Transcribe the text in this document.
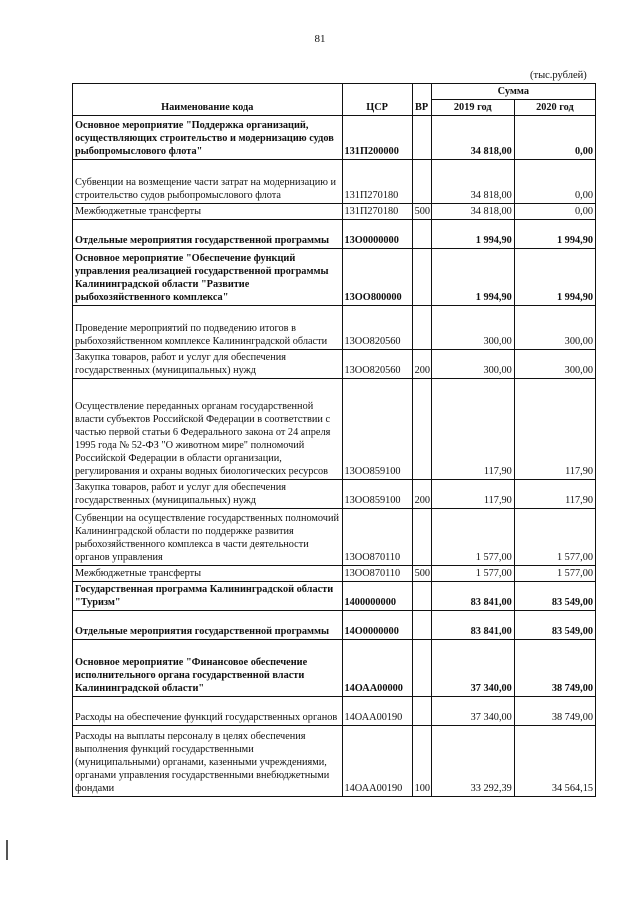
81
(тыс.рублей)
Наименование кода	ЦСР	ВР	Сумма	
			2019 год	2020 год
Основное мероприятие "Поддержка организаций, осуществляющих строительство и модернизацию судов рыбопромыслового флота"	131П200000		34 818,00	0,00
Субвенции на возмещение части затрат на модернизацию и строительство судов рыбопромыслового флота	131П270180		34 818,00	0,00
Межбюджетные трансферты	131П270180	500	34 818,00	0,00
Отдельные мероприятия государственной программы	13О0000000		1 994,90	1 994,90
Основное мероприятие "Обеспечение функций управления реализацией государственной программы Калининградской области "Развитие рыбохозяйственного комплекса"	13ОО800000		1 994,90	1 994,90
Проведение мероприятий по подведению итогов в рыбохозяйственном комплексе Калининградской области	13ОО820560		300,00	300,00
Закупка товаров, работ и услуг для обеспечения государственных (муниципальных) нужд	13ОО820560	200	300,00	300,00
Осуществление переданных органам государственной власти субъектов Российской Федерации в соответствии с частью первой статьи 6 Федерального закона от 24 апреля 1995 года № 52-ФЗ "О животном мире" полномочий Российской Федерации в области организации, регулирования и охраны водных биологических ресурсов	13ОО859100		117,90	117,90
Закупка товаров, работ и услуг для обеспечения государственных (муниципальных) нужд	13ОО859100	200	117,90	117,90
Субвенции на осуществление государственных полномочий Калининградской области по поддержке развития рыбохозяйственного комплекса в части деятельности органов управления	13ОО870110		1 577,00	1 577,00
Межбюджетные трансферты	13ОО870110	500	1 577,00	1 577,00
Государственная программа Калининградской области "Туризм"	1400000000		83 841,00	83 549,00
Отдельные мероприятия государственной программы	14О0000000		83 841,00	83 549,00
Основное мероприятие "Финансовое обеспечение исполнительного органа государственной власти Калининградской области"	14ОАА00000		37 340,00	38 749,00
Расходы на обеспечение функций государственных органов	14ОАА00190		37 340,00	38 749,00
Расходы на выплаты персоналу в целях обеспечения выполнения функций государственными (муниципальными) органами, казенными учреждениями, органами управления государственными внебюджетными фондами	14ОАА00190	100	33 292,39	34 564,15
